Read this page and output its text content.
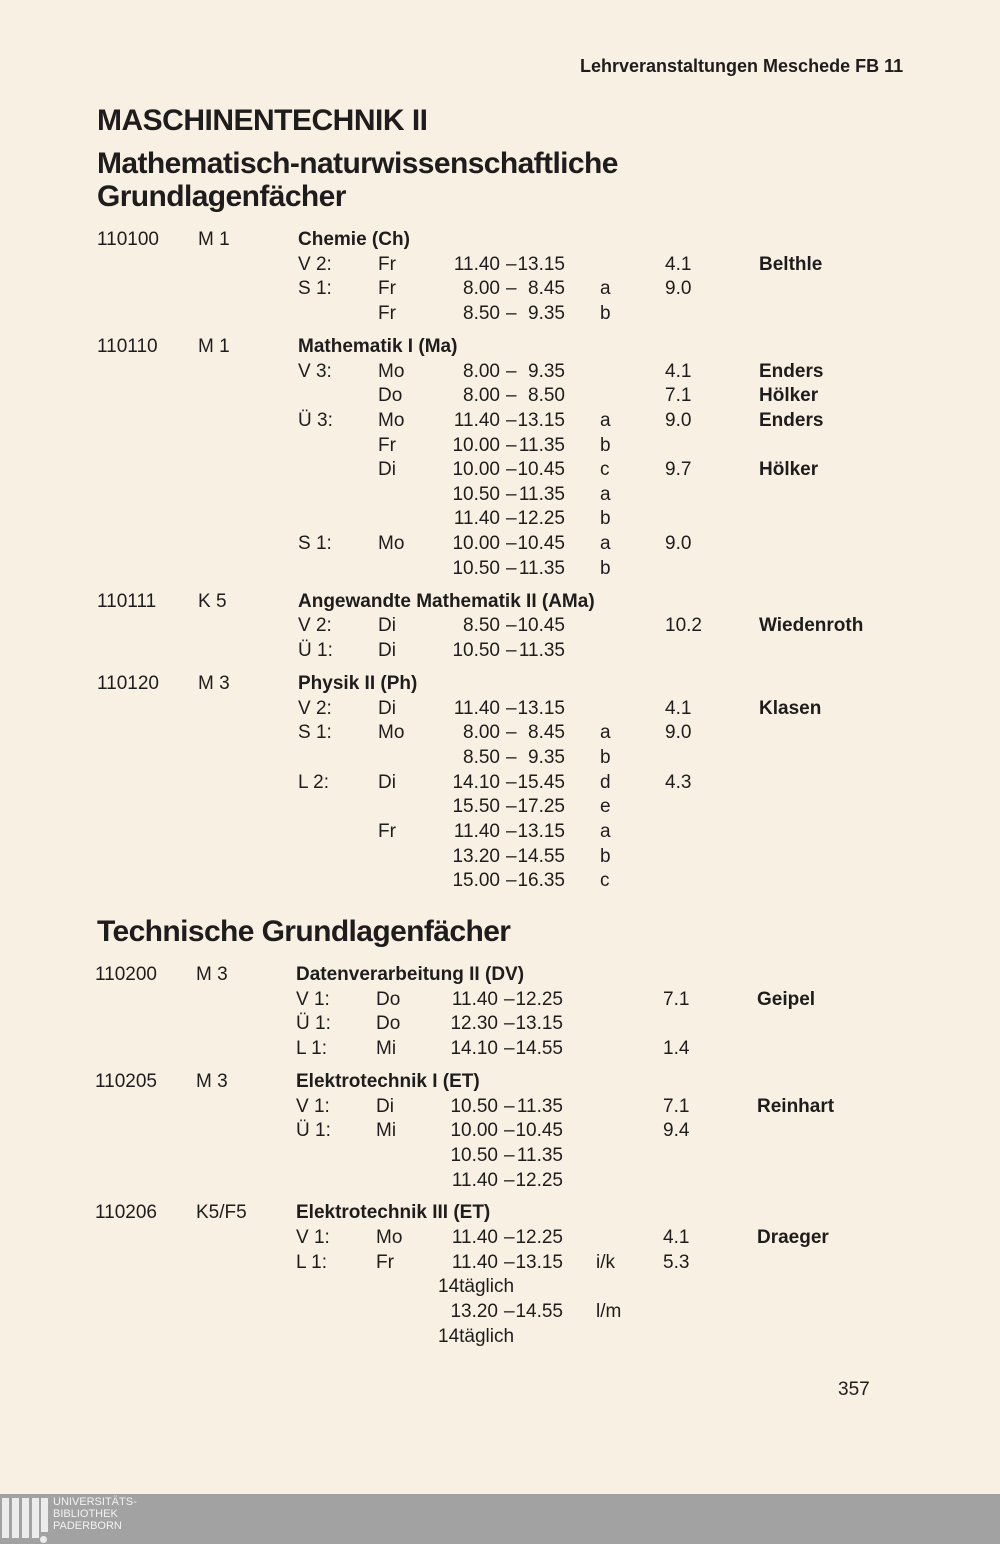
Lehrveranstaltungen Meschede FB 11
MASCHINENTECHNIK II
Mathematisch-naturwissenschaftliche
Grundlagenfächer
110100 M 1	Chemie (Ch)
V 2: Fr	11.40 – 13.15	4.1	Belthle
S 1: Fr	8.00 – 8.45 a	9.0
Fr	8.50 – 9.35 b
110110 M 1	Mathematik I (Ma)
V 3: Mo	8.00 – 9.35	4.1	Enders
Do	8.00 – 8.50	7.1	Hölker
Ü 3: Mo	11.40 – 13.15 a	9.0	Enders
Fr	10.00 – 11.35 b
Di	10.00 – 10.45 c	9.7	Hölker
10.50 – 11.35 a
11.40 – 12.25 b
S 1: Mo	10.00 – 10.45 a	9.0
10.50 – 11.35 b
110111 K 5	Angewandte Mathematik II (AMa)
V 2: Di	8.50 – 10.45	10.2	Wiedenroth
Ü 1: Di	10.50 – 11.35
110120 M 3	Physik II (Ph)
V 2: Di	11.40 – 13.15	4.1	Klasen
S 1: Mo	8.00 – 8.45 a	9.0
8.50 – 9.35 b
L 2:	Di	14.10 – 15.45 d	4.3
15.50 – 17.25 e
Fr	11.40 – 13.15 a
13.20 – 14.55 b
15.00 – 16.35 c
Technische Grundlagenfächer
110200 M 3	Datenverarbeitung II (DV)
V 1: Do	11.40 – 12.25	7.1	Geipel
Ü 1: Do	12.30 – 13.15
L 1:	Mi	14.10 – 14.55	1.4
110205 M 3	Elektrotechnik I (ET)
V 1: Di	10.50 – 11.35	7.1	Reinhart
Ü 1: Mi	10.00 – 10.45	9.4
10.50 – 11.35
11.40 – 12.25
110206 K5/F5	Elektrotechnik III (ET)
V 1: Mo	11.40 – 12.25	4.1	Draeger
L 1:	Fr	11.40 – 13.15 i/k	5.3
14täglich
13.20 – 14.55 l/m
14täglich
357
UNIVERSITÄTS-
BIBLIOTHEK
PADERBORN
